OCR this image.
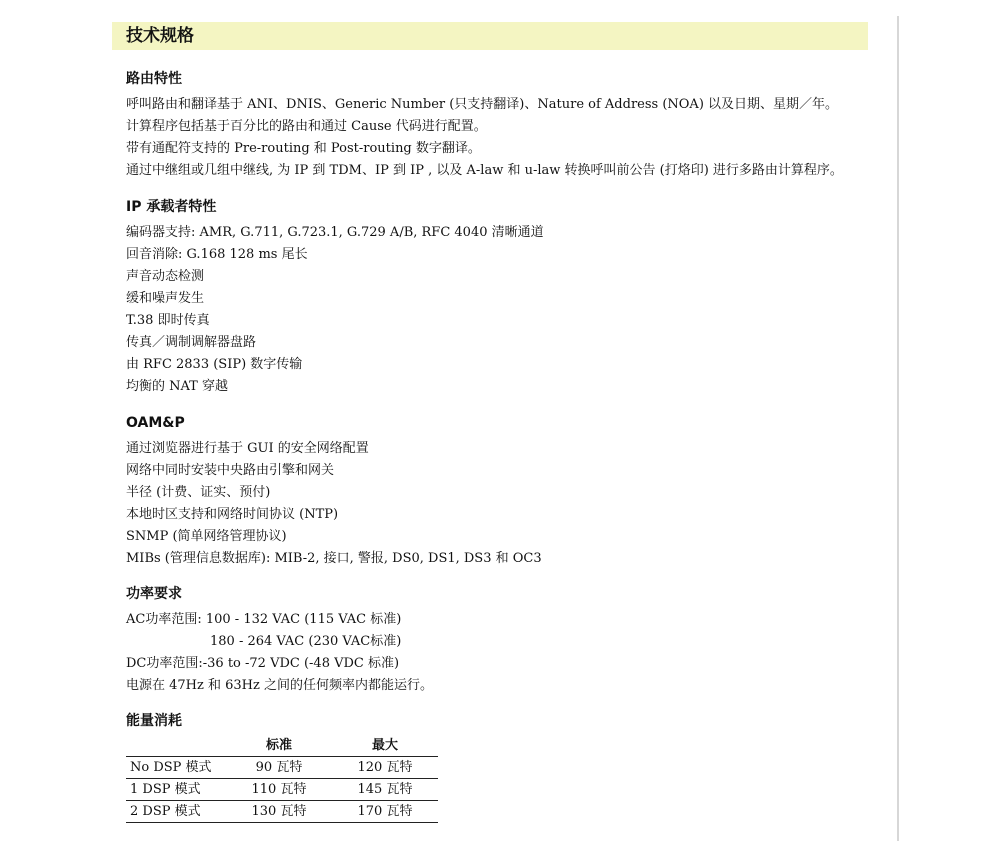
技术规格
路由特性
呼叫路由和翻译基于 ANI、DNIS、Generic Number (只支持翻译)、Nature of Address (NOA) 以及日期、星期／年。
计算程序包括基于百分比的路由和通过 Cause 代码进行配置。
带有通配符支持的 Pre-routing 和 Post-routing 数字翻译。
通过中继组或几组中继线, 为 IP 到 TDM、IP 到 IP , 以及 A-law 和 u-law 转换呼叫前公告 (打烙印) 进行多路由计算程序。
IP 承载者特性
编码器支持: AMR, G.711, G.723.1, G.729 A/B, RFC 4040 清晰通道
回音消除: G.168 128 ms 尾长
声音动态检测
缓和噪声发生
T.38 即时传真
传真／调制调解器盘路
由 RFC 2833 (SIP) 数字传输
均衡的 NAT 穿越
OAM&P
通过浏览器进行基于 GUI 的安全网络配置
网络中同时安装中央路由引擎和网关
半径 (计费、证实、预付)
本地时区支持和网络时间协议 (NTP)
SNMP (简单网络管理协议)
MIBs (管理信息数据库): MIB-2, 接口, 警报, DS0, DS1, DS3 和 OC3
功率要求
AC功率范围: 100 - 132 VAC (115 VAC 标准)
180 - 264 VAC (230 VAC标准)
DC功率范围:-36 to -72 VDC (-48 VDC 标准)
电源在 47Hz 和 63Hz 之间的任何频率内都能运行。
能量消耗
	标准	最大
No DSP 模式	90 瓦特	120 瓦特
1 DSP 模式	110 瓦特	145 瓦特
2 DSP 模式	130 瓦特	170 瓦特
